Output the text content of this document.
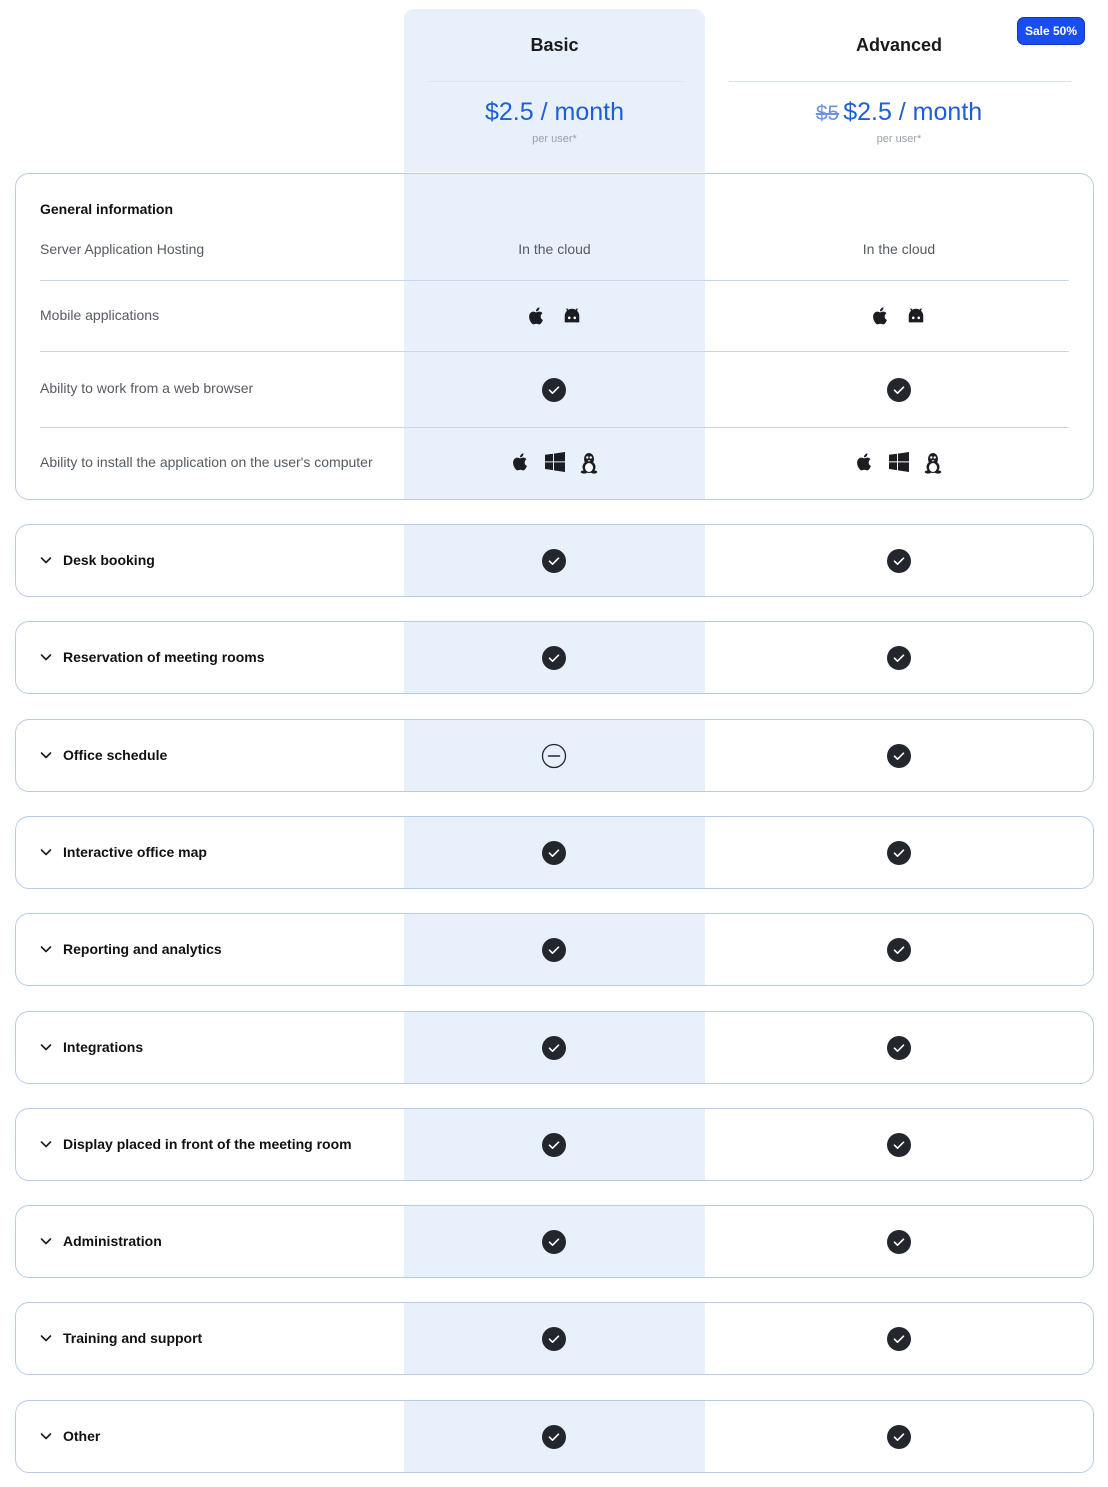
Basic
$2.5 / month
per user*
Sale 50%
Advanced
$5 $2.5 / month
per user*
General information
Server Application Hosting	In the cloud	In the cloud
Mobile applications
Ability to work from a web browser
Ability to install the application on the user's computer
Desk booking
Reservation of meeting rooms
Office schedule
Interactive office map
Reporting and analytics
Integrations
Display placed in front of the meeting room
Administration
Training and support
Other
